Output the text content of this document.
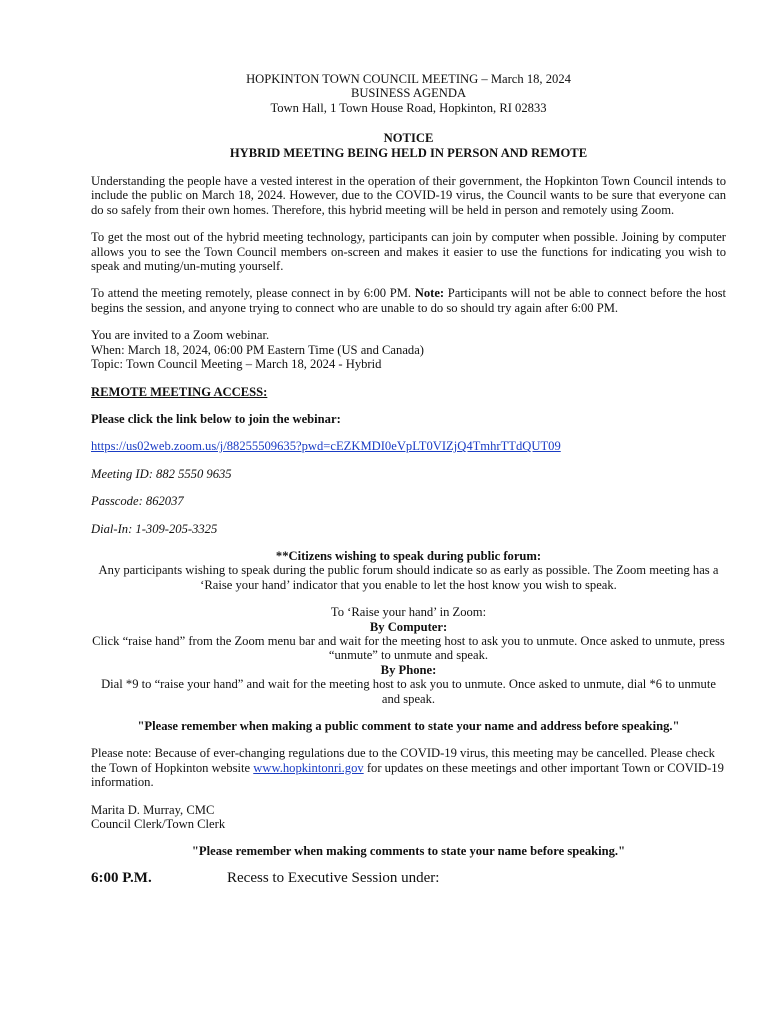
HOPKINTON TOWN COUNCIL MEETING – March 18, 2024

BUSINESS AGENDA

Town Hall, 1 Town House Road, Hopkinton, RI 02833

NOTICE

HYBRID MEETING BEING HELD IN PERSON AND REMOTE

Understanding the people have a vested interest in the operation of their government, the Hopkinton Town Council intends to include the public on March 18, 2024. However, due to the COVID-19 virus, the Council wants to be sure that everyone can do so safely from their own homes. Therefore, this hybrid meeting will be held in person and remotely using Zoom.

To get the most out of the hybrid meeting technology, participants can join by computer when possible. Joining by computer allows you to see the Town Council members on-screen and makes it easier to use the functions for indicating you wish to speak and muting/un-muting yourself.

To attend the meeting remotely, please connect in by 6:00 PM. Note: Participants will not be able to connect before the host begins the session, and anyone trying to connect who are unable to do so should try again after 6:00 PM.

You are invited to a Zoom webinar.

When: March 18, 2024, 06:00 PM Eastern Time (US and Canada)

Topic: Town Council Meeting – March 18, 2024 - Hybrid

REMOTE MEETING ACCESS:

Please click the link below to join the webinar:

https://us02web.zoom.us/j/88255509635?pwd=cEZKMDI0eVpLT0VIZjQ4TmhrTTdQUT09

Meeting ID: 882 5550 9635

Passcode: 862037

Dial-In: 1-309-205-3325

**Citizens wishing to speak during public forum:

Any participants wishing to speak during the public forum should indicate so as early as possible. The Zoom meeting has a ‘Raise your hand’ indicator that you enable to let the host know you wish to speak.

To ‘Raise your hand’ in Zoom:

By Computer:

Click “raise hand” from the Zoom menu bar and wait for the meeting host to ask you to unmute. Once asked to unmute, press “unmute” to unmute and speak.

By Phone:

Dial *9 to “raise your hand” and wait for the meeting host to ask you to unmute. Once asked to unmute, dial *6 to unmute and speak.

"Please remember when making a public comment to state your name and address before speaking."

Please note: Because of ever-changing regulations due to the COVID-19 virus, this meeting may be cancelled. Please check the Town of Hopkinton website www.hopkintonri.gov for updates on these meetings and other important Town or COVID-19 information.

Marita D. Murray, CMC

Council Clerk/Town Clerk

"Please remember when making comments to state your name before speaking."

6:00 P.M.	Recess to Executive Session under:
